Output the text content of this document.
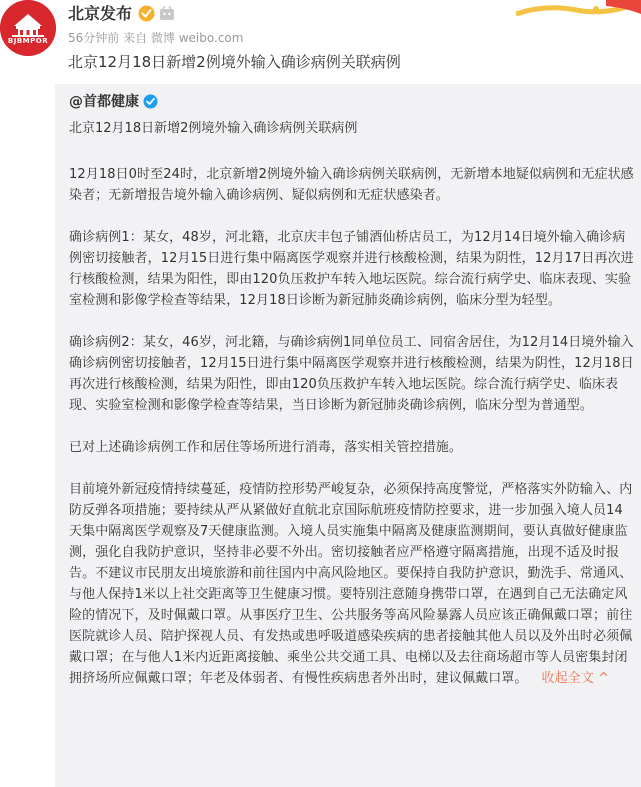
BJBMPOR
北京发布
56分钟前 来自 微博 weibo.com
北京12月18日新增2例境外输入确诊病例关联病例
@首都健康
北京12月18日新增2例境外输入确诊病例关联病例

12月18日0时至24时，北京新增2例境外输入确诊病例关联病例，无新增本地疑似病例和无症状感染者；无新增报告境外输入确诊病例、疑似病例和无症状感染者。

确诊病例1：某女，48岁，河北籍，北京庆丰包子铺酒仙桥店员工，为12月14日境外输入确诊病例密切接触者，12月15日进行集中隔离医学观察并进行核酸检测，结果为阴性，12月17日再次进行核酸检测，结果为阳性，即由120负压救护车转入地坛医院。综合流行病学史、临床表现、实验室检测和影像学检查等结果，12月18日诊断为新冠肺炎确诊病例，临床分型为轻型。

确诊病例2：某女，46岁，河北籍，与确诊病例1同单位员工、同宿舍居住，为12月14日境外输入确诊病例密切接触者，12月15日进行集中隔离医学观察并进行核酸检测，结果为阴性，12月18日再次进行核酸检测，结果为阳性，即由120负压救护车转入地坛医院。综合流行病学史、临床表现、实验室检测和影像学检查等结果，当日诊断为新冠肺炎确诊病例，临床分型为普通型。

已对上述确诊病例工作和居住等场所进行消毒，落实相关管控措施。

目前境外新冠疫情持续蔓延，疫情防控形势严峻复杂，必须保持高度警觉，严格落实外防输入、内防反弹各项措施；要持续从严从紧做好直航北京国际航班疫情防控要求，进一步加强入境人员14天集中隔离医学观察及7天健康监测。入境人员实施集中隔离及健康监测期间，要认真做好健康监测，强化自我防护意识，坚持非必要不外出。密切接触者应严格遵守隔离措施，出现不适及时报告。不建议市民朋友出境旅游和前往国内中高风险地区。要保持自我防护意识，勤洗手、常通风、与他人保持1米以上社交距离等卫生健康习惯。要特别注意随身携带口罩，在遇到自己无法确定风险的情况下，及时佩戴口罩。从事医疗卫生、公共服务等高风险暴露人员应该正确佩戴口罩；前往医院就诊人员、陪护探视人员、有发热或患呼吸道感染疾病的患者接触其他人员以及外出时必须佩戴口罩；在与他人1米内近距离接触、乘坐公共交通工具、电梯以及去往商场超市等人员密集封闭拥挤场所应佩戴口罩；年老及体弱者、有慢性疾病患者外出时，建议佩戴口罩。 收起全文 ^
